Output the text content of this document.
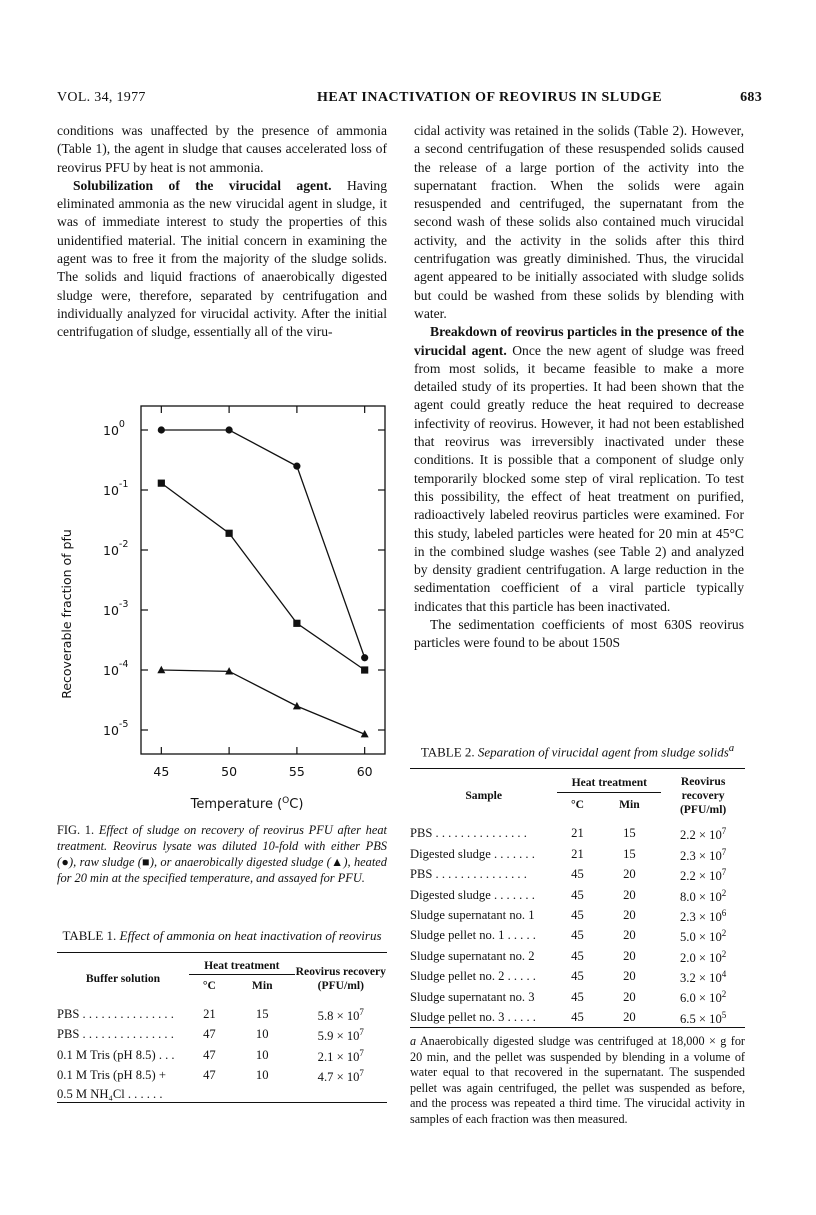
VOL. 34, 1977	HEAT INACTIVATION OF REOVIRUS IN SLUDGE	683

conditions was unaffected by the presence of ammonia (Table 1), the agent in sludge that causes accelerated loss of reovirus PFU by heat is not ammonia.

Solubilization of the virucidal agent. Having eliminated ammonia as the new virucidal agent in sludge, it was of immediate interest to study the properties of this unidentified material. The initial concern in examining the agent was to free it from the majority of the sludge solids. The solids and liquid fractions of anaerobically digested sludge were, therefore, separated by centrifugation and individually analyzed for virucidal activity. After the initial centrifugation of sludge, essentially all of the viru-

cidal activity was retained in the solids (Table 2). However, a second centrifugation of these resuspended solids caused the release of a large portion of the activity into the supernatant fraction. When the solids were again resuspended and centrifuged, the supernatant from the second wash of these solids also contained much virucidal activity, and the activity in the solids after this third centrifugation was greatly diminished. Thus, the virucidal agent appeared to be initially associated with sludge solids but could be washed from these solids by blending with water.

Breakdown of reovirus particles in the presence of the virucidal agent. Once the new agent of sludge was freed from most solids, it became feasible to make a more detailed study of its properties. It had been shown that the agent could greatly reduce the heat required to decrease infectivity of reovirus. However, it had not been established that reovirus was irreversibly inactivated under these conditions. It is possible that a component of sludge only temporarily blocked some step of viral replication. To test this possibility, the effect of heat treatment on purified, radioactively labeled reovirus particles were examined. For this study, labeled particles were heated for 20 min at 45°C in the combined sludge washes (see Table 2) and analyzed by density gradient centrifugation. A large reduction in the sedimentation coefficient of a viral particle typically indicates that this particle has been inactivated.

The sedimentation coefficients of most 630S reovirus particles were found to be about 150S

45	50	55	60
$10^0$
$10^{-1}$
$10^{-2}$
$10^{-3}$
$10^{-4}$
$10^{-5}$
Recoverable fraction of pfu
Temperature ($^O$C)
FIG. 1. Effect of sludge on recovery of reovirus PFU after heat treatment. Reovirus lysate was diluted 10-fold with either PBS (●), raw sludge (■), or anaerobically digested sludge (▲), heated for 20 min at the specified temperature, and assayed for PFU.
TABLE 1. Effect of ammonia on heat inactivation of reovirus
Buffer solution	Heat treatment		Reovirus recovery (PFU/ml)
	°C	Min	
PBS . . . . . . . . . . . . . . .	21	15	$5.8 \times 10^7$
PBS . . . . . . . . . . . . . . .	47	10	$5.9 \times 10^7$
0.1 M Tris (pH 8.5) . . .	47	10	$2.1 \times 10^7$
0.1 M Tris (pH 8.5) +	47	10	$4.7 \times 10^7$
0.5 M NH₄Cl . . . . . .			
TABLE 2. Separation of virucidal agent from sludge solids$^a$
Sample	Heat treatment		Reovirus recovery (PFU/ml)
	°C	Min	
PBS . . . . . . . . . . . . . . .	21	15	$2.2 \times 10^7$
Digested sludge . . . . . . .	21	15	$2.3 \times 10^7$
PBS . . . . . . . . . . . . . . .	45	20	$2.2 \times 10^7$
Digested sludge . . . . . . .	45	20	$8.0 \times 10^2$
Sludge supernatant no. 1	45	20	$2.3 \times 10^6$
Sludge pellet no. 1 . . . . .	45	20	$5.0 \times 10^2$
Sludge supernatant no. 2	45	20	$2.0 \times 10^2$
Sludge pellet no. 2 . . . . .	45	20	$3.2 \times 10^4$
Sludge supernatant no. 3	45	20	$6.0 \times 10^2$
Sludge pellet no. 3 . . . . .	45	20	$6.5 \times 10^5$
a Anaerobically digested sludge was centrifuged at 18,000 × g for 20 min, and the pellet was suspended by blending in a volume of water equal to that recovered in the supernatant. The suspended pellet was again centrifuged, the pellet was suspended as before, and the process was repeated a third time. The virucidal activity in samples of each fraction was then measured.
